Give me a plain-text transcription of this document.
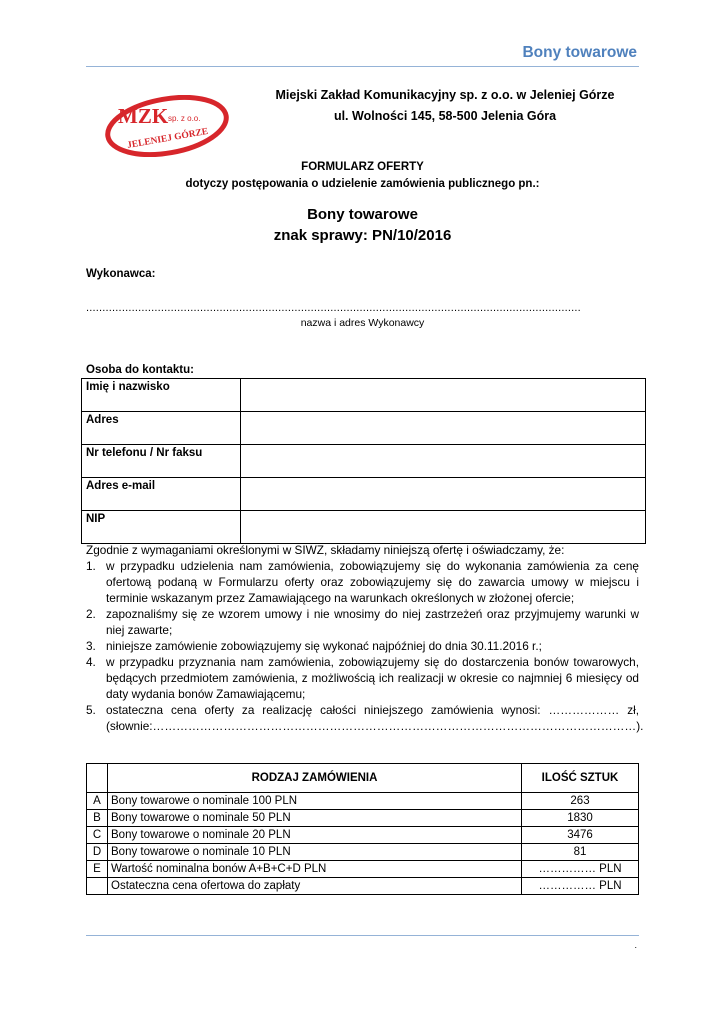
Bony towarowe
MZK sp. z o.o.
JELENIEJ GÓRZE
Miejski Zakład Komunikacyjny sp. z o.o. w Jeleniej Górze
ul. Wolności 145, 58-500 Jelenia Góra
FORMULARZ OFERTY
dotyczy postępowania o udzielenie zamówienia publicznego pn.:
Bony towarowe
znak sprawy: PN/10/2016
Wykonawca:
........................................................................................................................................................
nazwa i adres Wykonawcy
Osoba do kontaktu:
Imię i nazwisko	
Adres	
Nr telefonu / Nr faksu	
Adres e-mail	
NIP	
Zgodnie z wymaganiami określonymi w SIWZ, składamy niniejszą ofertę i oświadczamy, że:
1. w przypadku udzielenia nam zamówienia, zobowiązujemy się do wykonania zamówienia za cenę ofertową podaną w Formularzu oferty oraz zobowiązujemy się do zawarcia umowy w miejscu i terminie wskazanym przez Zamawiającego na warunkach określonych w złożonej ofercie;
2. zapoznaliśmy się ze wzorem umowy i nie wnosimy do niej zastrzeżeń oraz przyjmujemy warunki w niej zawarte;
3. niniejsze zamówienie zobowiązujemy się wykonać najpóźniej do dnia 30.11.2016 r.;
4. w przypadku przyznania nam zamówienia, zobowiązujemy się do dostarczenia bonów towarowych, będących przedmiotem zamówienia, z możliwością ich realizacji w okresie co najmniej 6 miesięcy od daty wydania bonów Zamawiającemu;
5. ostateczna cena oferty za realizację całości niniejszego zamówienia wynosi: ……………… zł, (słownie:……………………………………………………………………………………………………………).
	RODZAJ ZAMÓWIENIA	ILOŚĆ SZTUK
A	Bony towarowe o nominale 100 PLN	263
B	Bony towarowe o nominale 50 PLN	1830
C	Bony towarowe o nominale 20 PLN	3476
D	Bony towarowe o nominale 10 PLN	81
E	Wartość nominalna bonów A+B+C+D PLN	…………… PLN
	Ostateczna cena ofertowa do zapłaty	…………… PLN
.
